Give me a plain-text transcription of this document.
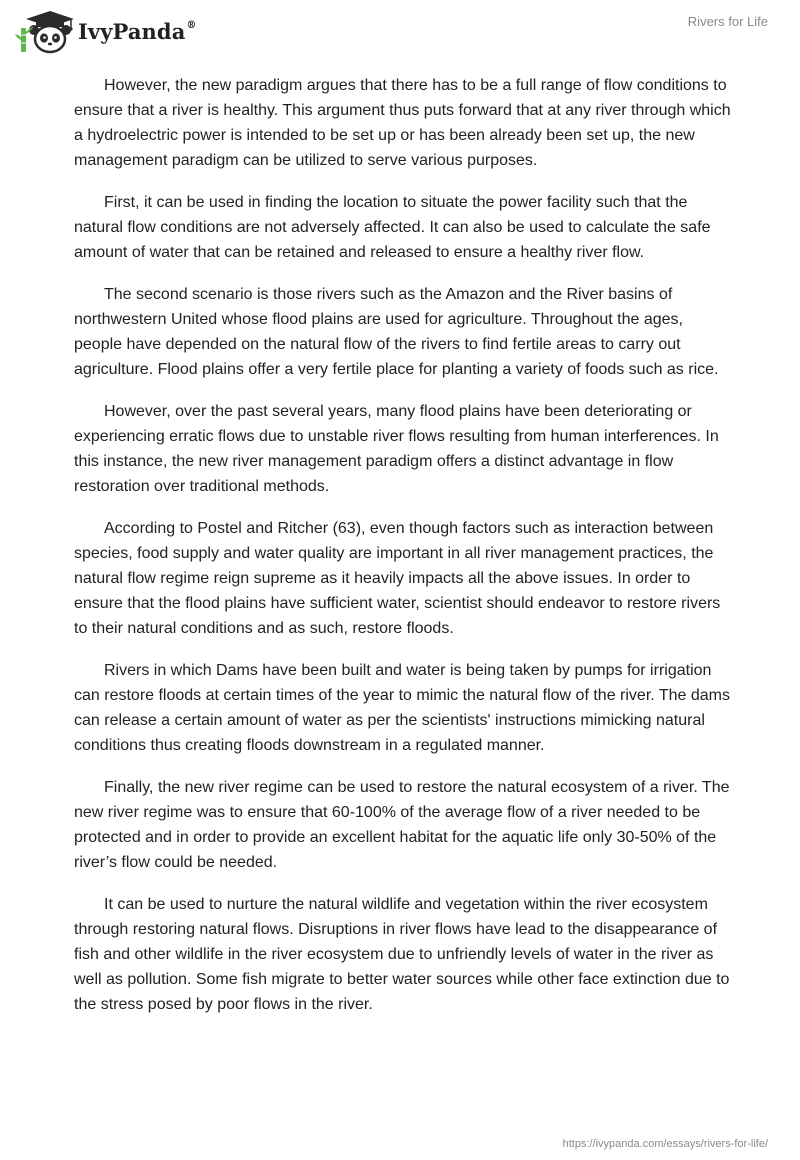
IvyPanda®	Rivers for Life

However, the new paradigm argues that there has to be a full range of flow conditions to ensure that a river is healthy. This argument thus puts forward that at any river through which a hydroelectric power is intended to be set up or has been already been set up, the new management paradigm can be utilized to serve various purposes.

First, it can be used in finding the location to situate the power facility such that the natural flow conditions are not adversely affected. It can also be used to calculate the safe amount of water that can be retained and released to ensure a healthy river flow.

The second scenario is those rivers such as the Amazon and the River basins of northwestern United whose flood plains are used for agriculture. Throughout the ages, people have depended on the natural flow of the rivers to find fertile areas to carry out agriculture. Flood plains offer a very fertile place for planting a variety of foods such as rice.

However, over the past several years, many flood plains have been deteriorating or experiencing erratic flows due to unstable river flows resulting from human interferences. In this instance, the new river management paradigm offers a distinct advantage in flow restoration over traditional methods.

According to Postel and Ritcher (63), even though factors such as interaction between species, food supply and water quality are important in all river management practices, the natural flow regime reign supreme as it heavily impacts all the above issues. In order to ensure that the flood plains have sufficient water, scientist should endeavor to restore rivers to their natural conditions and as such, restore floods.

Rivers in which Dams have been built and water is being taken by pumps for irrigation can restore floods at certain times of the year to mimic the natural flow of the river. The dams can release a certain amount of water as per the scientists' instructions mimicking natural conditions thus creating floods downstream in a regulated manner.

Finally, the new river regime can be used to restore the natural ecosystem of a river. The new river regime was to ensure that 60-100% of the average flow of a river needed to be protected and in order to provide an excellent habitat for the aquatic life only 30-50% of the river’s flow could be needed.

It can be used to nurture the natural wildlife and vegetation within the river ecosystem through restoring natural flows. Disruptions in river flows have lead to the disappearance of fish and other wildlife in the river ecosystem due to unfriendly levels of water in the river as well as pollution. Some fish migrate to better water sources while other face extinction due to the stress posed by poor flows in the river.

https://ivypanda.com/essays/rivers-for-life/
